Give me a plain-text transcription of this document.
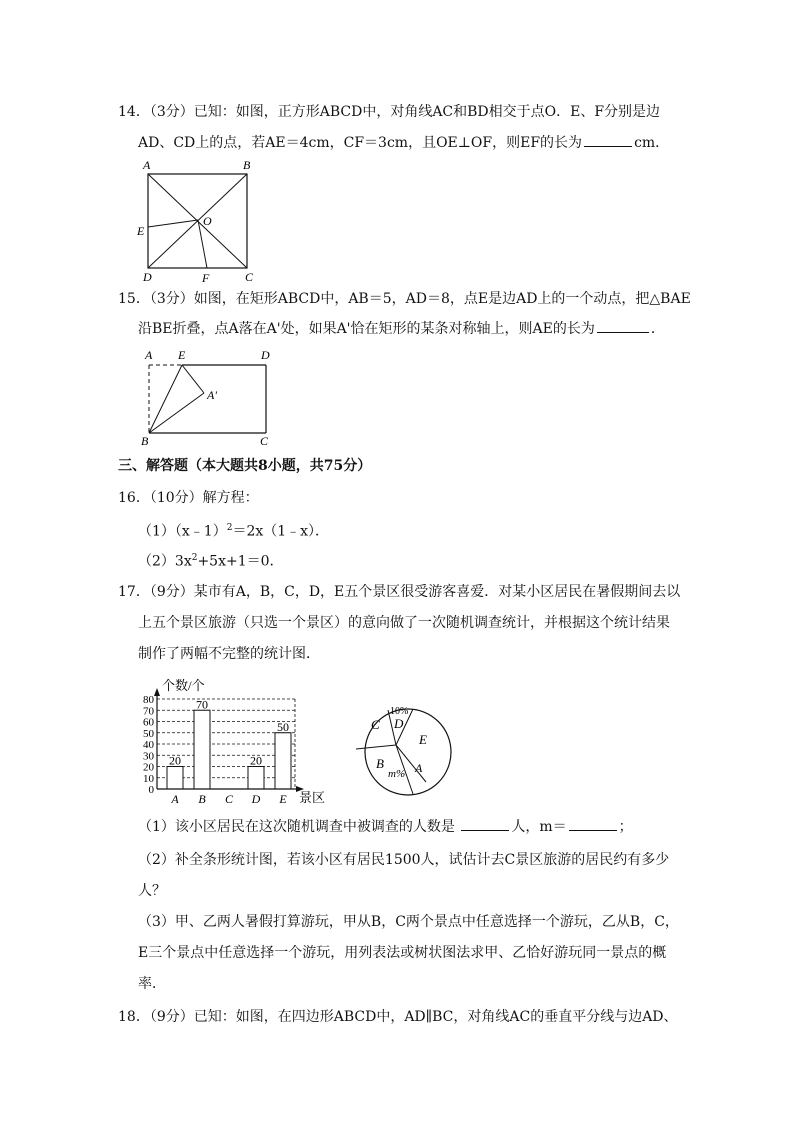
14．（3分）已知：如图，正方形ABCD中，对角线AC和BD相交于点O．E、F分别是边
AD、CD上的点，若AE＝4cm，CF＝3cm，且OE⊥OF，则EF的长为	cm．
A	B
E
O
D	F	C
15．（3分）如图，在矩形ABCD中，AB＝5，AD＝8，点E是边AD上的一个动点，把△BAE
沿BE折叠，点A落在A'处，如果A'恰在矩形的某条对称轴上，则AE的长为	．
A E	D
A'
B	C
三、解答题（本大题共8小题，共75分）
16．（10分）解方程：
（1）（x﹣1）$^2$＝2x（1﹣x）．
$(2)3x^2+5x+1=0$．
17．（9分）某市有A，B，C，D，E五个景区很受游客喜爱．对某小区居民在暑假期间去以
上五个景区旅游（只选一个景区）的意向做了一次随机调查统计，并根据这个统计结果
制作了两幅不完整的统计图．
个数/个
景区
0
10
20
30
40
50
60
70
80
20
A
70
B C
20
D
50
E
C
10%
D
E
B
m% A
（1）该小区居民在这次随机调查中被调查的人数是	人，m＝	；
（2）补全条形统计图，若该小区有居民1500人，试估计去C景区旅游的居民约有多少
人？
（3）甲、乙两人暑假打算游玩，甲从B，C两个景点中任意选择一个游玩，乙从B，C，
E三个景点中任意选择一个游玩，用列表法或树状图法求甲、乙恰好游玩同一景点的概
率．
18．（9分）已知：如图，在四边形ABCD中，AD∥BC，对角线AC的垂直平分线与边AD、
